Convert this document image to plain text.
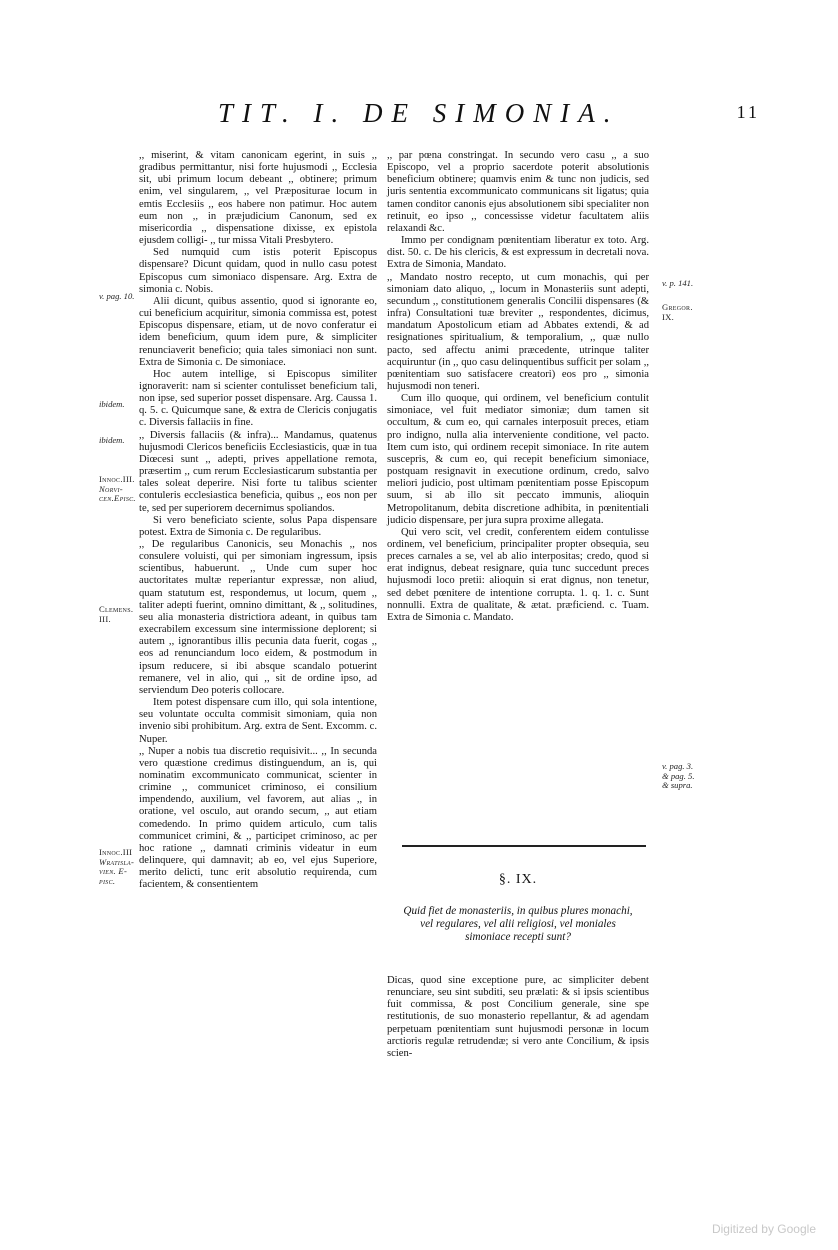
TIT. I. DE SIMONIA.	11

,, miserint, & vitam canonicam egerint, in suis ,, gradibus permittantur, nisi forte hujusmodi ,, Ecclesia sit, ubi primum locum debeant ,, obtinere; primum enim, vel singularem, ,, vel Præpositurae locum in emtis Ecclesiis ,, eos habere non patimur. Hoc autem eum non ,, in præjudicium Canonum, sed ex misericordia ,, dispensatione dixisse, ex epistola ejusdem colligi- ,, tur missa Vitali Presbytero.

Sed numquid cum istis poterit Episcopus dispensare? Dicunt quidam, quod in nullo casu potest Episcopus cum simoniaco dispensare. Arg. Extra de simonia c. Nobis.

Alii dicunt, quibus assentio, quod si ignorante eo, cui beneficium acquiritur, simonia commissa est, potest Episcopus dispensare, etiam, ut de novo conferatur ei idem beneficium, quum idem pure, & simpliciter renunciaverit beneficio; quia tales simoniaci non sunt. Extra de Simonia c. De simoniace.

Hoc autem intellige, si Episcopus similiter ignoraverit: nam si scienter contulisset beneficium tali, non ipse, sed superior posset dispensare. Arg. Caussa 1. q. 5. c. Quicumque sane, & extra de Clericis conjugatis c. Diversis fallaciis in fine.

,, Diversis fallaciis (& infra)... Mandamus, quatenus hujusmodi Clericos beneficiis Ecclesiasticis, quæ in tua Diœcesi sunt ,, adepti, prives appellatione remota, præsertim ,, cum rerum Ecclesiasticarum substantia per tales soleat deperire. Nisi forte tu talibus scienter contuleris ecclesiastica beneficia, quibus ,, eos non per te, sed per superiorem decernimus spoliandos.

Si vero beneficiato sciente, solus Papa dispensare potest. Extra de Simonia c. De regularibus.

,, De regularibus Canonicis, seu Monachis ,, nos consulere voluisti, qui per simoniam ingressum, ipsis scientibus, habuerunt. ,, Unde cum super hoc auctoritates multæ reperiantur expressæ, non aliud, quam statutum est, respondemus, ut locum, quem ,, taliter adepti fuerint, omnino dimittant, & ,, solitudines, seu alia monasteria districtiora adeant, in quibus tam execrabilem excessum sine intermissione deplorent; si autem ,, ignorantibus illis pecunia data fuerit, cogas ,, eos ad renunciandum loco eidem, & postmodum in ipsum reducere, si ibi absque scandalo potuerint remanere, vel in alio, qui ,, sit de ordine ipso, ad serviendum Deo poteris collocare.

Item potest dispensare cum illo, qui sola intentione, seu voluntate occulta commisit simoniam, quia non invenio sibi prohibitum. Arg. extra de Sent. Excomm. c. Nuper.

,, Nuper a nobis tua discretio requisivit... ,, In secunda vero quæstione credimus distinguendum, an is, qui nominatim excommunicato communicat, scienter in crimine ,, communicet criminoso, ei consilium impendendo, auxilium, vel favorem, aut alias ,, in oratione, vel osculo, aut orando secum, ,, aut etiam comedendo. In primo quidem articulo, cum talis communicet crimini, & ,, participet criminoso, ac per hoc ratione ,, damnati criminis videatur in eum delinquere, qui damnavit; ab eo, vel ejus Superiore, merito delicti, tunc erit absolutio requirenda, cum facientem, & consentientem

,, par pœna constringat. In secundo vero casu ,, a suo Episcopo, vel a proprio sacerdote poterit absolutionis beneficium obtinere; quamvis enim & tunc non judicis, sed juris sententia excommunicato communicans sit ligatus; quia tamen conditor canonis ejus absolutionem sibi specialiter non retinuit, eo ipso ,, concessisse videtur facultatem aliis relaxandi &c.

Immo per condignam pœnitentiam liberatur ex toto. Arg. dist. 50. c. De his clericis, & est expressum in decretali nova. Extra de Simonia, Mandato.

,, Mandato nostro recepto, ut cum monachis, qui per simoniam dato aliquo, ,, locum in Monasteriis sunt adepti, secundum ,, constitutionem generalis Concilii dispensares (& infra) Consultationi tuæ breviter ,, respondentes, dicimus, mandatum Apostolicum etiam ad Abbates extendi, & ad resignationes spiritualium, & temporalium, ,, quæ nullo pacto, sed affectu animi præcedente, utrinque taliter acquiruntur (in ,, quo casu delinquentibus sufficit per solam ,, pœnitentiam suo satisfacere creatori) eos pro ,, simonia hujusmodi non teneri.

Cum illo quoque, qui ordinem, vel beneficium contulit simoniace, vel fuit mediator simoniæ; dum tamen sit occultum, & cum eo, qui carnales interposuit preces, etiam pro indigno, nulla alia interveniente conditione, vel pacto. Item cum isto, qui ordinem recepit simoniace. In rite autem suscepris, & cum eo, qui recepit beneficium simoniace, postquam resignavit in executione ordinum, credo, salvo meliori judicio, post ultimam pœnitentiam posse Episcopum suum, si ab illo sit peccato immunis, alioquin Metropolitanum, debita discretione adhibita, in pœnitentiali judicio dispensare, per jura supra proxime allegata.

Qui vero scit, vel credit, conferentem eidem contulisse ordinem, vel beneficium, principaliter propter obsequia, seu preces carnales a se, vel ab alio interpositas; credo, quod si erat indignus, debeat resignare, quia tunc succedunt preces hujusmodi loco pretii: alioquin si erat dignus, non tenetur, sed debet pœnitere de intentione corrupta. 1. q. 1. c. Sunt nonnulli. Extra de qualitate, & ætat. præficiend. c. Tuam. Extra de Simonia c. Mandato.

§. IX.
Quid fiet de monasteriis, in quibus plures monachi, vel regulares, vel alii religiosi, vel moniales simoniace recepti sunt?

Dicas, quod sine exceptione pure, ac simpliciter debent renunciare, seu sint subditi, seu prælati: & si ipsis scientibus fuit commissa, & post Concilium generale, sine spe restitutionis, de suo monasterio repellantur, & ad agendam perpetuam pœnitentiam sunt hujusmodi personæ in locum arctioris regulæ retrudendæ; si vero ante Concilium, & ipsis scien-

v. pag. 10.
ibidem.
ibidem.
Innoc.III.
Norvi-
cen.Episc.
Clemens.
III.
Innoc.III
Wratisla-
vien. E-
pisc.
v. p. 141.
Gregor.
IX.
v. pag. 3.
& pag. 5.
& supra.
Digitized by Google
